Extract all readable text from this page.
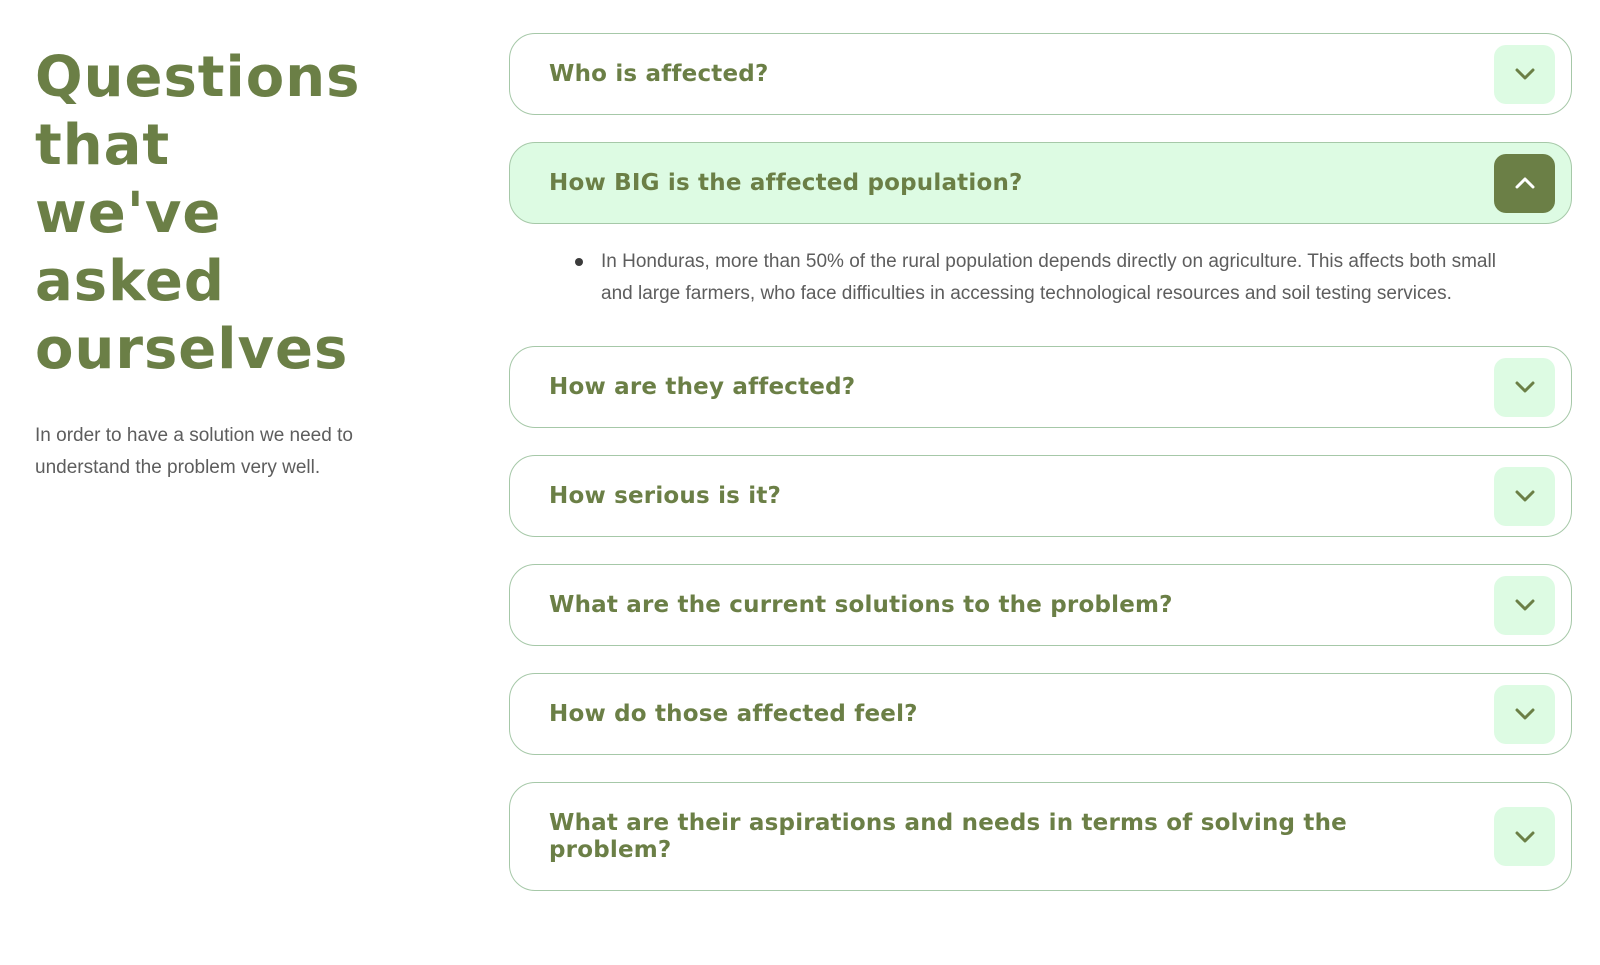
Questions
that
we've
asked
ourselves

In order to have a solution we need to understand the problem very well.

Who is affected?
How BIG is the affected population?
In Honduras, more than 50% of the rural population depends directly on agriculture. This affects both small and large farmers, who face difficulties in accessing technological resources and soil testing services.
How are they affected?
How serious is it?
What are the current solutions to the problem?
How do those affected feel?
What are their aspirations and needs in terms of solving the problem?
